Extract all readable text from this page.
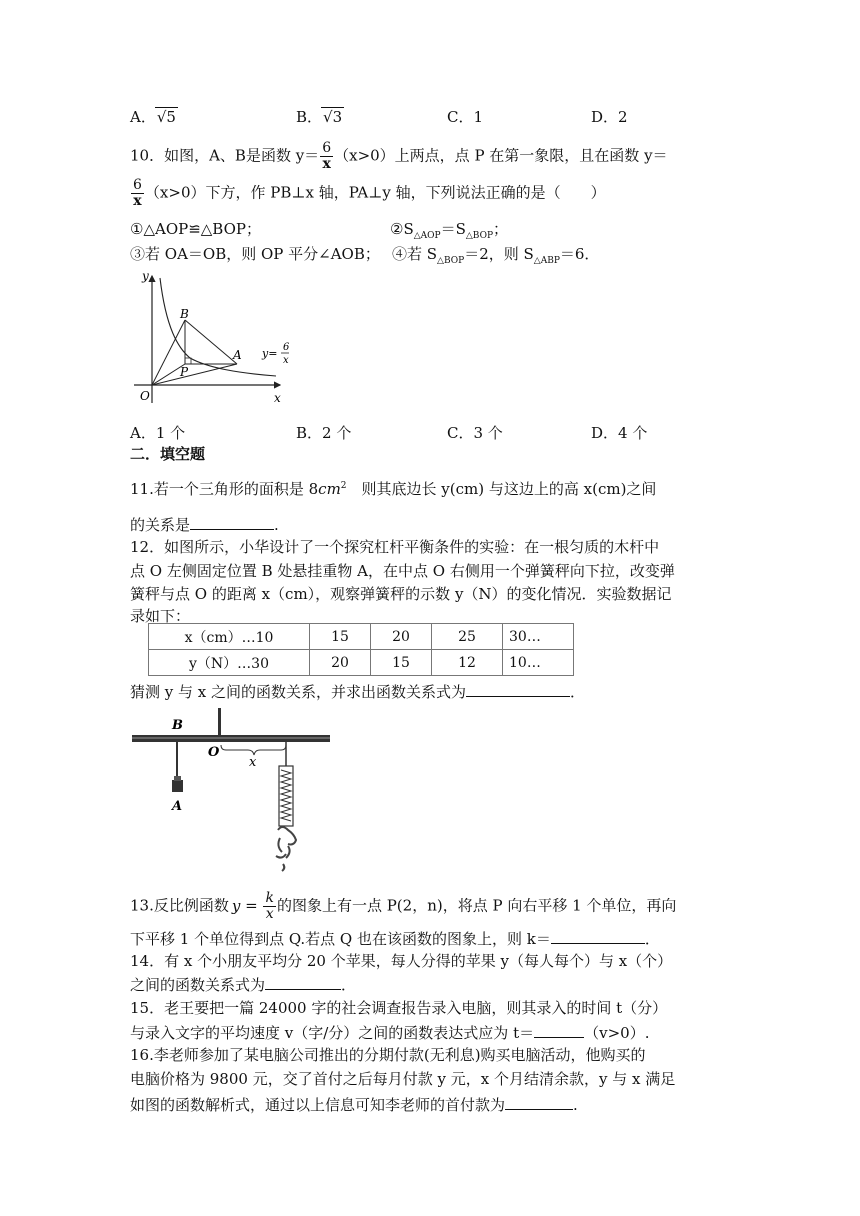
A．√5	B．√3	C．1	D．2
10．如图，A、B是函数 $y= \frac{6}{x} (x>0)$上两点，点 P 在第一象限，且在函数 y＝
$\frac{6}{x} (x>0)$下方，作 PB⊥x 轴，PA⊥y 轴，下列说法正确的是（　　）
①△AOP≌△BOP；	$②S_{\triangle AOP}=S_{\triangle BOP}$；
③若 OA＝OB，则 OP 平分∠AOB； ④若 $S_{\triangle BOP}=2$，则 $S_{\triangle ABP}=6$．
y
x
O
B
A
P
y= 6
x
A．1 个	B．2 个	C．3 个	D．4 个
二．填空题
11.若一个三角形的面积是 $8cm^2$　则其底边长 y(cm) 与这边上的高 x(cm)之间
的关系是	.
12．如图所示，小华设计了一个探究杠杆平衡条件的实验：在一根匀质的木杆中
点 O 左侧固定位置 B 处悬挂重物 A，在中点 O 右侧用一个弹簧秤向下拉，改变弹
簧秤与点 O 的距离 x（cm），观察弹簧秤的示数 y（N）的变化情况．实验数据记
录如下：
x（cm）…10	15	20	25	30…
y（N）…30	20	15	12	10…
猜测 y 与 x 之间的函数关系，并求出函数关系式为	．
B
O
x
A
13.反比例函数 $y = \frac{k}{x}$ 的图象上有一点 P(2，n)，将点 P 向右平移 1 个单位，再向
下平移 1 个单位得到点 Q.若点 Q 也在该函数的图象上，则 k＝	．
14．有 x 个小朋友平均分 20 个苹果，每人分得的苹果 y（每人每个）与 x（个）
之间的函数关系式为	．
15．老王要把一篇 24000 字的社会调查报告录入电脑，则其录入的时间 t（分）
与录入文字的平均速度 v（字/分）之间的函数表达式应为 t＝	（v>0）.
16.李老师参加了某电脑公司推出的分期付款(无利息)购买电脑活动，他购买的
电脑价格为 9800 元，交了首付之后每月付款 y 元，x 个月结清余款，y 与 x 满足
如图的函数解析式，通过以上信息可知李老师的首付款为	.
